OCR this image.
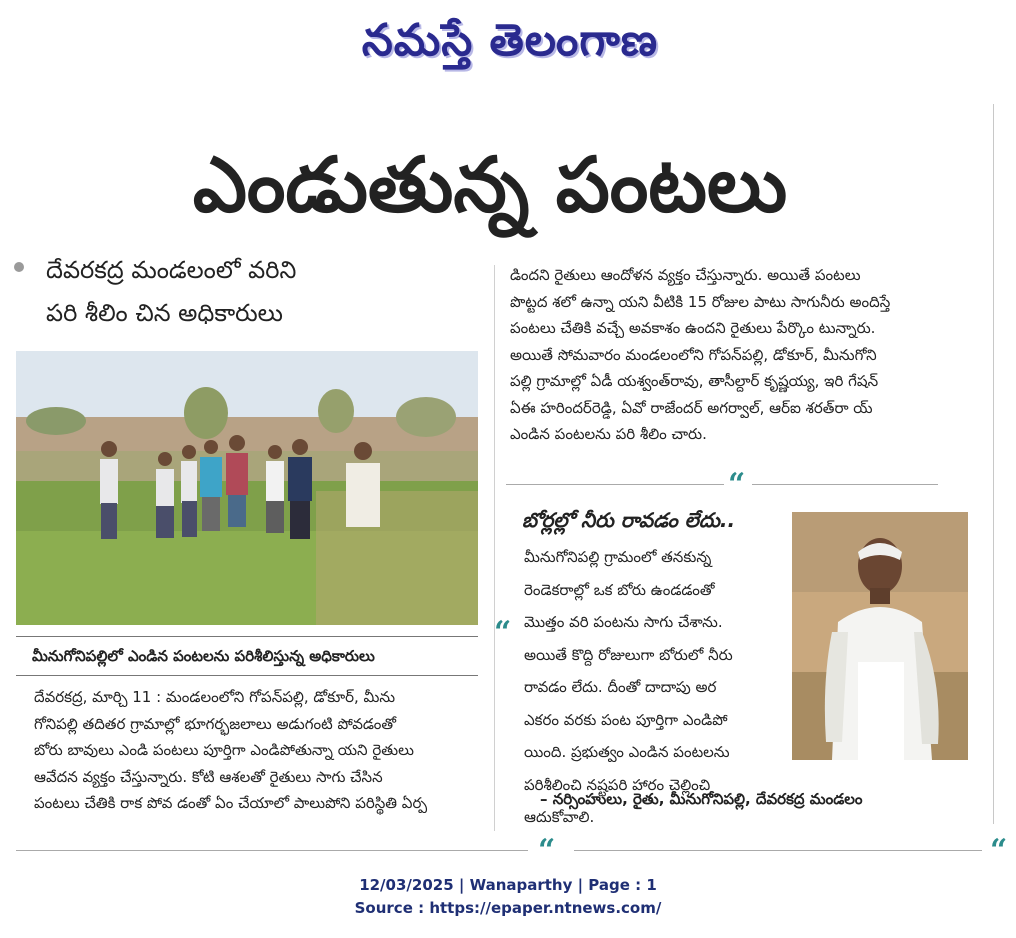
నమస్తే తెలంగాణ
ఎండుతున్న పంటలు
దేవరకద్ర మండలంలో వరిని
పరి శీలిం చిన అధికారులు
మీనుగోనిపల్లిలో ఎండిన పంటలను పరిశీలిస్తున్న అధికారులు
దేవరకద్ర, మార్చి 11 : మండలంలోని గోపన్‌పల్లి, డోకూర్, మీను
గోనిపల్లి తదితర గ్రామాల్లో భూగర్భజలాలు అడుగంటి పోవడంతో
బోరు బావులు ఎండి పంటలు పూర్తిగా ఎండిపోతున్నా యని రైతులు
ఆవేదన వ్యక్తం చేస్తున్నారు. కోటి ఆశలతో రైతులు సాగు చేసిన
పంటలు చేతికి రాక పోవ డంతో ఏం చేయాలో పాలుపోని పరిస్థితి ఏర్ప
డిందని రైతులు ఆందోళన వ్యక్తం చేస్తున్నారు. అయితే పంటలు
పొట్టద శలో ఉన్నా యని వీటికి 15 రోజుల పాటు సాగునీరు అందిస్తే
పంటలు చేతికి వచ్చే అవకాశం ఉందని రైతులు పేర్కొం టున్నారు.
అయితే సోమవారం మండలంలోని గోపన్‌పల్లి, డోకూర్, మీనుగోని
పల్లి గ్రామాల్లో ఏడీ యశ్వంత్‌రావు, తాసీల్దార్ కృష్ణయ్య, ఇరి గేషన్
ఏఈ హరిందర్‌రెడ్డి, ఏవో రాజేందర్ అగర్వాల్, ఆర్ఐ శరత్‌రా య్
ఎండిన పంటలను పరి శీలిం చారు.
“
“
బోర్లల్లో నీరు రావడం లేదు..
మీనుగోనిపల్లి గ్రామంలో తనకున్న
రెండెకరాల్లో ఒక బోరు ఉండడంతో
మొత్తం వరి పంటను సాగు చేశాను.
అయితే కొద్ది రోజులుగా బోరులో నీరు
రావడం లేదు. దీంతో దాదాపు అర
ఎకరం వరకు పంట పూర్తిగా ఎండిపో
యింది. ప్రభుత్వం ఎండిన పంటలను
పరిశీలించి నష్టపరి హారం చెల్లించి
ఆదుకోవాలి.
– నర్సింహులు, రైతు, మీనుగోనిపల్లి, దేవరకద్ర మండలం
“	“
12/03/2025 | Wanaparthy | Page : 1
Source : https://epaper.ntnews.com/
